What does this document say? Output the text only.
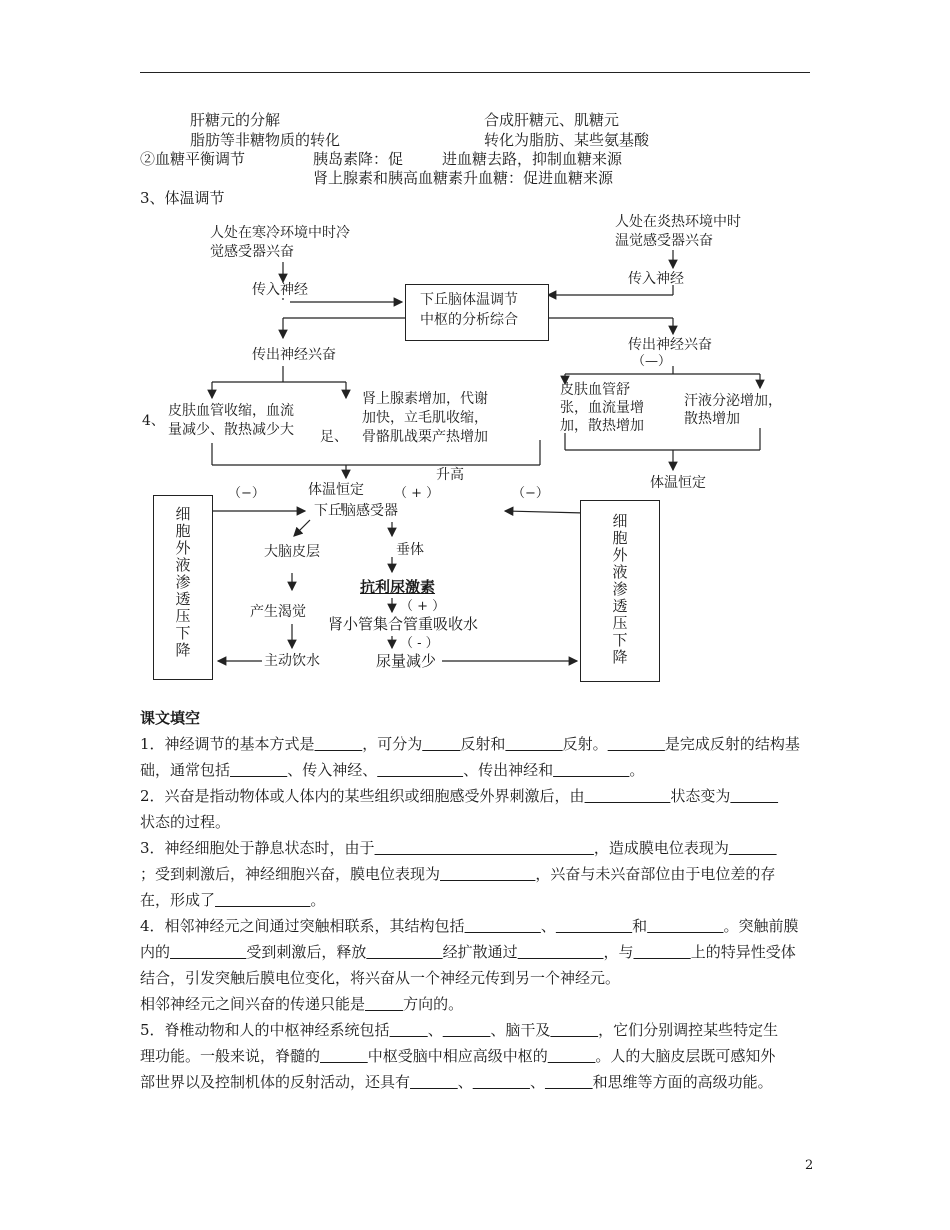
肝糖元的分解	合成肝糖元、肌糖元
脂肪等非糖物质的转化	转化为脂肪、某些氨基酸
②血糖平衡调节	胰岛素降：促	进血糖去路，抑制血糖来源
肾上腺素和胰高血糖素升血糖：促进血糖来源
3、体温调节
人处在寒冷环境中时冷
觉感受器兴奋
人处在炎热环境中时
温觉感受器兴奋
传入神经
传入神经
下丘脑体温调节
中枢的分析综合
传出神经兴奋
传出神经兴奋
（—）
4、
皮肤血管收缩，血流
量减少、散热减少大
肾上腺素增加，代谢
加快，立毛肌收缩，
足、 骨骼肌战栗产热增加
皮肤血管舒
张，血流量增
加，散热增加
汗液分泌增加，
散热增加
体温恒定
升高
（−）	体温恒定 （ + ）	（−）
细胞外液渗透压下降
细胞外液渗透压下降
下丘脑感受器
大脑皮层	垂体
抗利尿激素
（ + ）
产生渴觉
肾小管集合管重吸收水
（ - ）
主动饮水	尿量减少
课文填空

1．神经调节的基本方式是	，可分为	反射和	反射。	是完成反射的结构基

础，通常包括	、传入神经、	、传出神经和	。

2．兴奋是指动物体或人体内的某些组织或细胞感受外界刺激后，由	状态变为

状态的过程。

3．神经细胞处于静息状态时，由于	，造成膜电位表现为

；受到刺激后，神经细胞兴奋，膜电位表现为	，兴奋与未兴奋部位由于电位差的存

在，形成了	。

4．相邻神经元之间通过突触相联系，其结构包括	、	和	。突触前膜

内的	受到刺激后，释放	经扩散通过	，与	上的特异性受体

结合，引发突触后膜电位变化，将兴奋从一个神经元传到另一个神经元。

相邻神经元之间兴奋的传递只能是	方向的。

5．脊椎动物和人的中枢神经系统包括	、	、脑干及	，它们分别调控某些特定生

理功能。一般来说，脊髓的	中枢受脑中相应高级中枢的	。人的大脑皮层既可感知外

部世界以及控制机体的反射活动，还具有	、	、	和思维等方面的高级功能。

2
